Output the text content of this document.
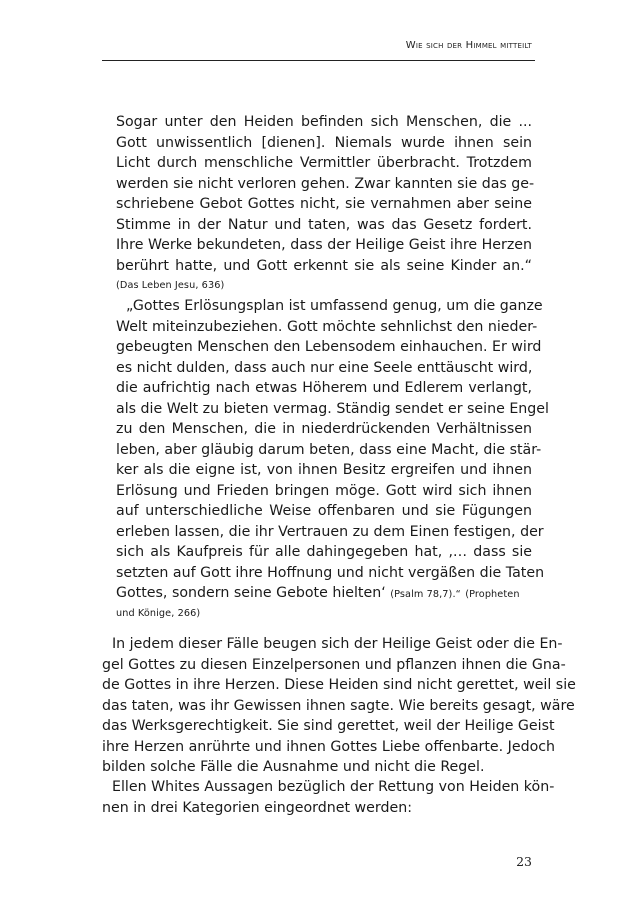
Wie sich der Himmel mitteilt
Sogar unter den Heiden befinden sich Menschen, die ...
Gott unwissentlich [dienen]. Niemals wurde ihnen sein
Licht durch menschliche Vermittler überbracht. Trotzdem
werden sie nicht verloren gehen. Zwar kannten sie das ge-
schriebene Gebot Gottes nicht, sie vernahmen aber seine
Stimme in der Natur und taten, was das Gesetz fordert.
Ihre Werke bekundeten, dass der Heilige Geist ihre Herzen
berührt hatte, und Gott erkennt sie als seine Kinder an.“
(Das Leben Jesu, 636)
„Gottes Erlösungsplan ist umfassend genug, um die ganze
Welt miteinzubeziehen. Gott möchte sehnlichst den nieder-
gebeugten Menschen den Lebensodem einhauchen. Er wird
es nicht dulden, dass auch nur eine Seele enttäuscht wird,
die aufrichtig nach etwas Höherem und Edlerem verlangt,
als die Welt zu bieten vermag. Ständig sendet er seine Engel
zu den Menschen, die in niederdrückenden Verhältnissen
leben, aber gläubig darum beten, dass eine Macht, die stär-
ker als die eigne ist, von ihnen Besitz ergreifen und ihnen
Erlösung und Frieden bringen möge. Gott wird sich ihnen
auf unterschiedliche Weise offenbaren und sie Fügungen
erleben lassen, die ihr Vertrauen zu dem Einen festigen, der
sich als Kaufpreis für alle dahingegeben hat, ‚… dass sie
setzten auf Gott ihre Hoffnung und nicht vergäßen die Taten
Gottes, sondern seine Gebote hielten‘ (Psalm 78,7).“ (Propheten
und Könige, 266)
In jedem dieser Fälle beugen sich der Heilige Geist oder die En-
gel Gottes zu diesen Einzelpersonen und pflanzen ihnen die Gna-
de Gottes in ihre Herzen. Diese Heiden sind nicht gerettet, weil sie
das taten, was ihr Gewissen ihnen sagte. Wie bereits gesagt, wäre
das Werksgerechtigkeit. Sie sind gerettet, weil der Heilige Geist
ihre Herzen anrührte und ihnen Gottes Liebe offenbarte. Jedoch
bilden solche Fälle die Ausnahme und nicht die Regel.
Ellen Whites Aussagen bezüglich der Rettung von Heiden kön-
nen in drei Kategorien eingeordnet werden:
23
